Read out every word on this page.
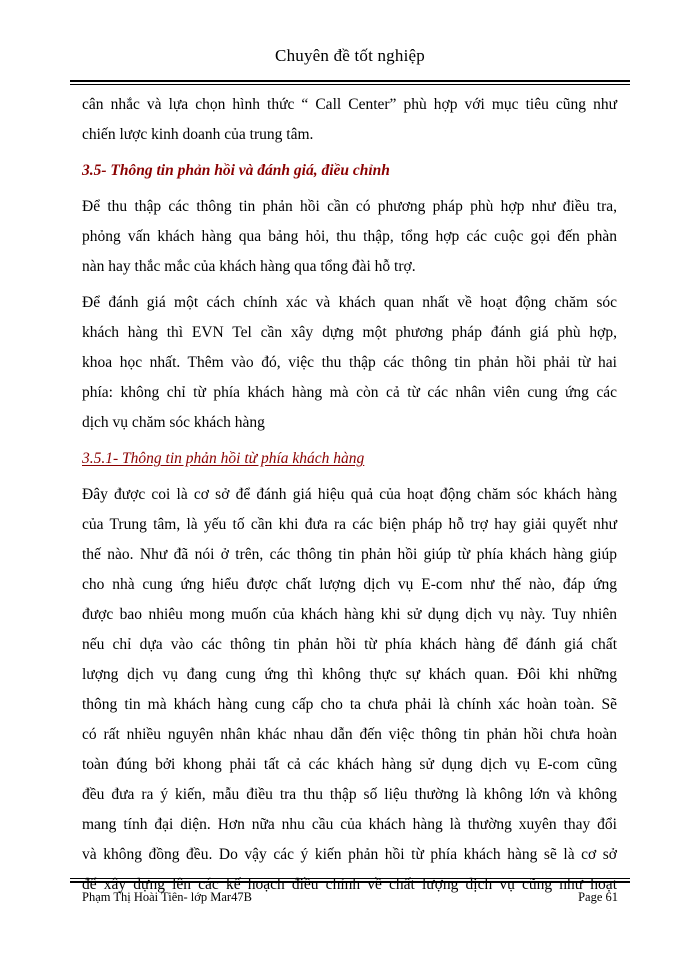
Chuyên đề tốt nghiệp
cân nhắc và lựa chọn hình thức “ Call Center” phù hợp với mục tiêu cũng như
chiến lược kinh doanh của trung tâm.
3.5- Thông tin phản hồi và đánh giá, điều chỉnh
Để thu thập các thông tin phản hồi cần có phương pháp phù hợp như điều tra,
phỏng vấn khách hàng qua bảng hỏi, thu thập, tổng hợp các cuộc gọi đến phàn
nàn hay thắc mắc của khách hàng qua tổng đài hỗ trợ.
Để đánh giá một cách chính xác và khách quan nhất về hoạt động chăm sóc
khách hàng thì EVN Tel cần xây dựng một phương pháp đánh giá phù hợp,
khoa học nhất. Thêm vào đó, việc thu thập các thông tin phản hồi phải từ hai
phía: không chỉ từ phía khách hàng mà còn cả từ các nhân viên cung ứng các
dịch vụ chăm sóc khách hàng
3.5.1- Thông tin phản hồi từ phía khách hàng
Đây được coi là cơ sở để đánh giá hiệu quả của hoạt động chăm sóc khách hàng
của Trung tâm, là yếu tố cần khi đưa ra các biện pháp hỗ trợ hay giải quyết như
thế nào. Như đã nói ở trên, các thông tin phản hồi giúp từ phía khách hàng giúp
cho nhà cung ứng hiểu được chất lượng dịch vụ E-com như thế nào, đáp ứng
được bao nhiêu mong muốn của khách hàng khi sử dụng dịch vụ này. Tuy nhiên
nếu chỉ dựa vào các thông tin phản hồi từ phía khách hàng để đánh giá chất
lượng dịch vụ đang cung ứng thì không thực sự khách quan. Đôi khi những
thông tin mà khách hàng cung cấp cho ta chưa phải là chính xác hoàn toàn. Sẽ
có rất nhiều nguyên nhân khác nhau dẫn đến việc thông tin phản hồi chưa hoàn
toàn đúng bởi khong phải tất cả các khách hàng sử dụng dịch vụ E-com cũng
đều đưa ra ý kiến, mẫu điều tra thu thập số liệu thường là không lớn và không
mang tính đại diện. Hơn nữa nhu cầu của khách hàng là thường xuyên thay đổi
và không đồng đều. Do vậy các ý kiến phản hồi từ phía khách hàng sẽ là cơ sở
để xây dựng lên các kế hoạch điều chỉnh về chất lượng dịch vụ cũng như hoạt
Phạm Thị Hoài Tiên- lớp Mar47B	Page 61
